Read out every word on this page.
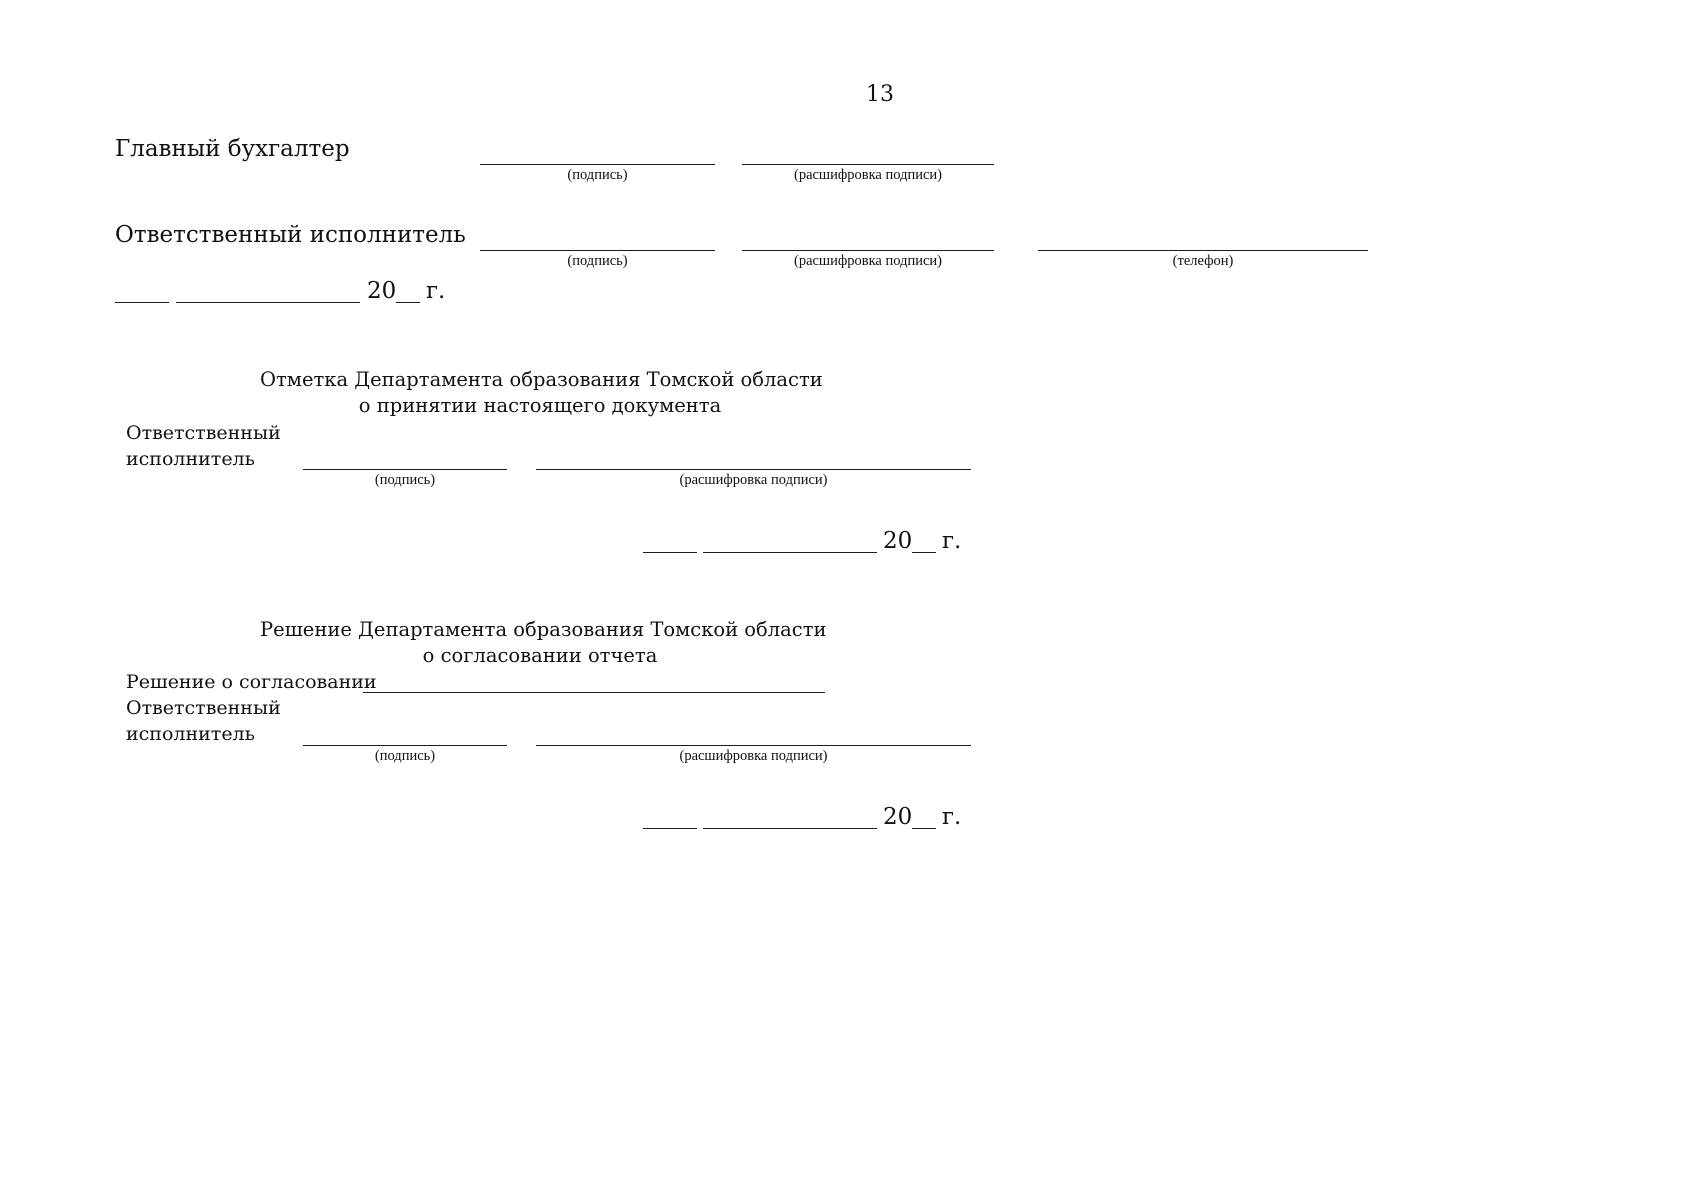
13
Главный бухгалтер
(подпись)	(расшифровка подписи)
Ответственный исполнитель
(подпись)	(расшифровка подписи)	(телефон)
20 г.
Отметка Департамента образования Томской области
о принятии настоящего документа
Ответственный
исполнитель
(подпись)	(расшифровка подписи)
20 г.
Решение Департамента образования Томской области
о согласовании отчета
Решение о согласовании
Ответственный
исполнитель
(подпись)	(расшифровка подписи)
20 г.
